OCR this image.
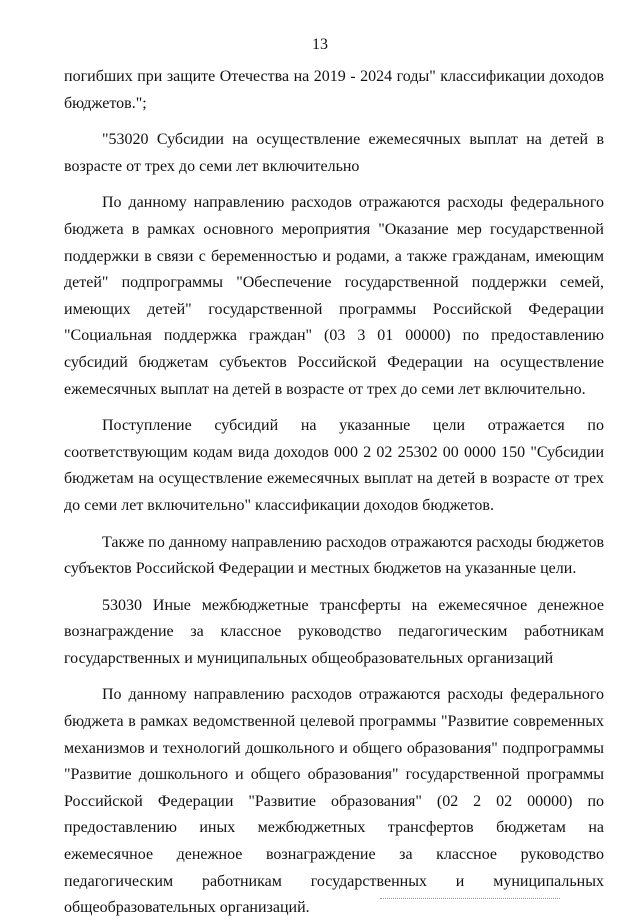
13

погибших при защите Отечества на 2019 - 2024 годы" классификации доходов бюджетов.";

"53020 Субсидии на осуществление ежемесячных выплат на детей в возрасте от трех до семи лет включительно

По данному направлению расходов отражаются расходы федерального бюджета в рамках основного мероприятия "Оказание мер государственной поддержки в связи с беременностью и родами, а также гражданам, имеющим детей" подпрограммы "Обеспечение государственной поддержки семей, имеющих детей" государственной программы Российской Федерации "Социальная поддержка граждан" (03 3 01 00000) по предоставлению субсидий бюджетам субъектов Российской Федерации на осуществление ежемесячных выплат на детей в возрасте от трех до семи лет включительно.

Поступление субсидий на указанные цели отражается по соответствующим кодам вида доходов 000 2 02 25302 00 0000 150 "Субсидии бюджетам на осуществление ежемесячных выплат на детей в возрасте от трех до семи лет включительно" классификации доходов бюджетов.

Также по данному направлению расходов отражаются расходы бюджетов субъектов Российской Федерации и местных бюджетов на указанные цели.

53030 Иные межбюджетные трансферты на ежемесячное денежное вознаграждение за классное руководство педагогическим работникам государственных и муниципальных общеобразовательных организаций

По данному направлению расходов отражаются расходы федерального бюджета в рамках ведомственной целевой программы "Развитие современных механизмов и технологий дошкольного и общего образования" подпрограммы "Развитие дошкольного и общего образования" государственной программы Российской Федерации "Развитие образования" (02 2 02 00000) по предоставлению иных межбюджетных трансфертов бюджетам на ежемесячное денежное вознаграждение за классное руководство педагогическим работникам государственных и муниципальных общеобразовательных организаций.
